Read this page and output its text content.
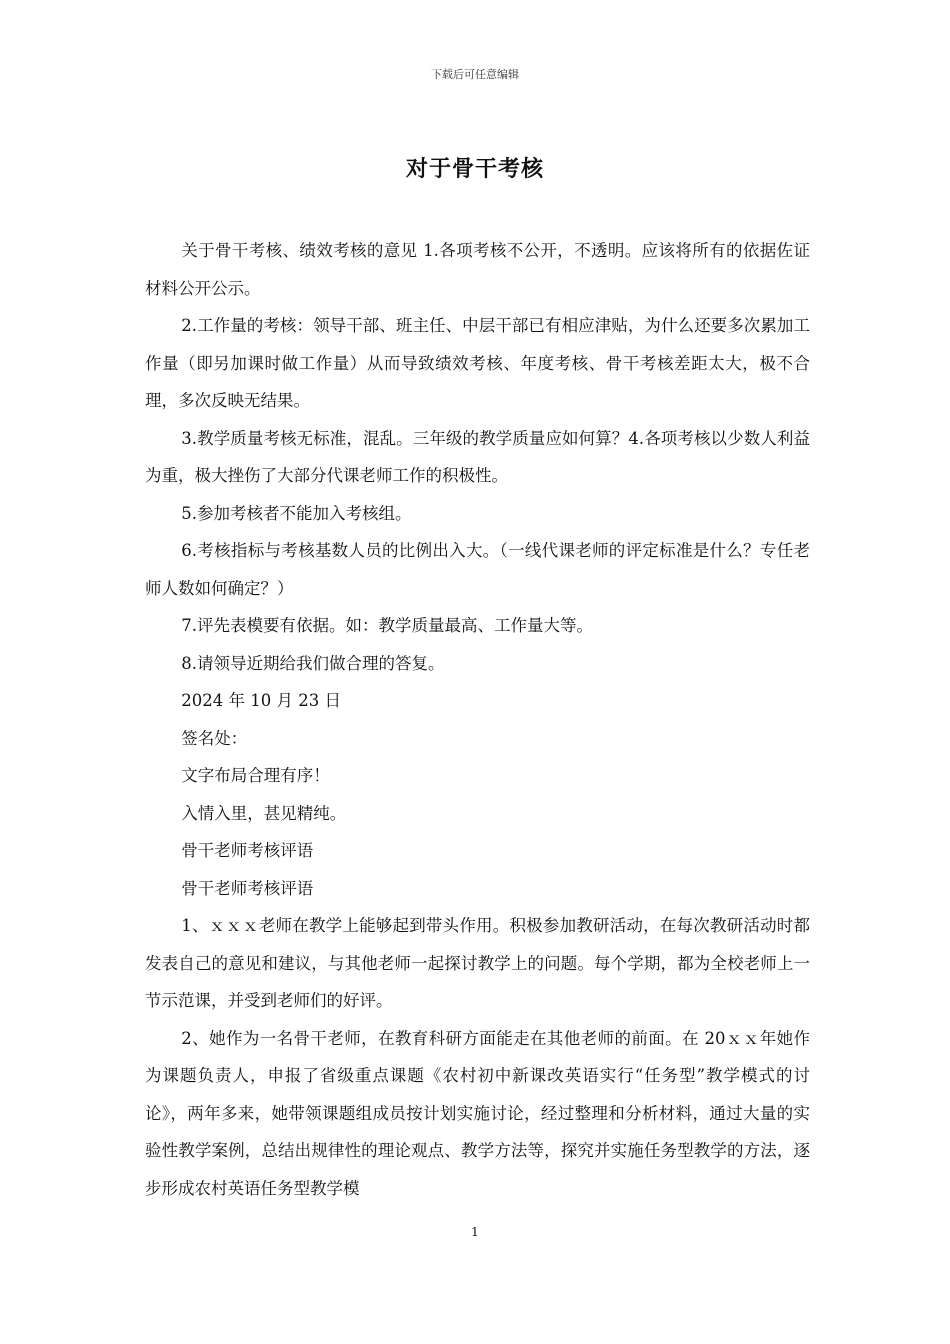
下载后可任意编辑
对于骨干考核

关于骨干考核、绩效考核的意见 1.各项考核不公开，不透明。应该将所有的依据佐证材料公开公示。

2.工作量的考核：领导干部、班主任、中层干部已有相应津贴，为什么还要多次累加工作量（即另加课时做工作量）从而导致绩效考核、年度考核、骨干考核差距太大，极不合理，多次反映无结果。

3.教学质量考核无标准，混乱。三年级的教学质量应如何算？4.各项考核以少数人利益为重，极大挫伤了大部分代课老师工作的积极性。

5.参加考核者不能加入考核组。

6.考核指标与考核基数人员的比例出入大。（一线代课老师的评定标准是什么？专任老师人数如何确定？）

7.评先表模要有依据。如：教学质量最高、工作量大等。

8.请领导近期给我们做合理的答复。

2024 年 10 月 23 日

签名处：

文字布局合理有序！

入情入里，甚见精纯。

骨干老师考核评语

骨干老师考核评语

1、ｘｘｘ老师在教学上能够起到带头作用。积极参加教研活动，在每次教研活动时都发表自己的意见和建议，与其他老师一起探讨教学上的问题。每个学期，都为全校老师上一节示范课，并受到老师们的好评。

2、她作为一名骨干老师，在教育科研方面能走在其他老师的前面。在 20ｘｘ年她作为课题负责人，申报了省级重点课题《农村初中新课改英语实行“任务型”教学模式的讨论》，两年多来，她带领课题组成员按计划实施讨论，经过整理和分析材料，通过大量的实验性教学案例，总结出规律性的理论观点、教学方法等，探究并实施任务型教学的方法，逐步形成农村英语任务型教学模

1
